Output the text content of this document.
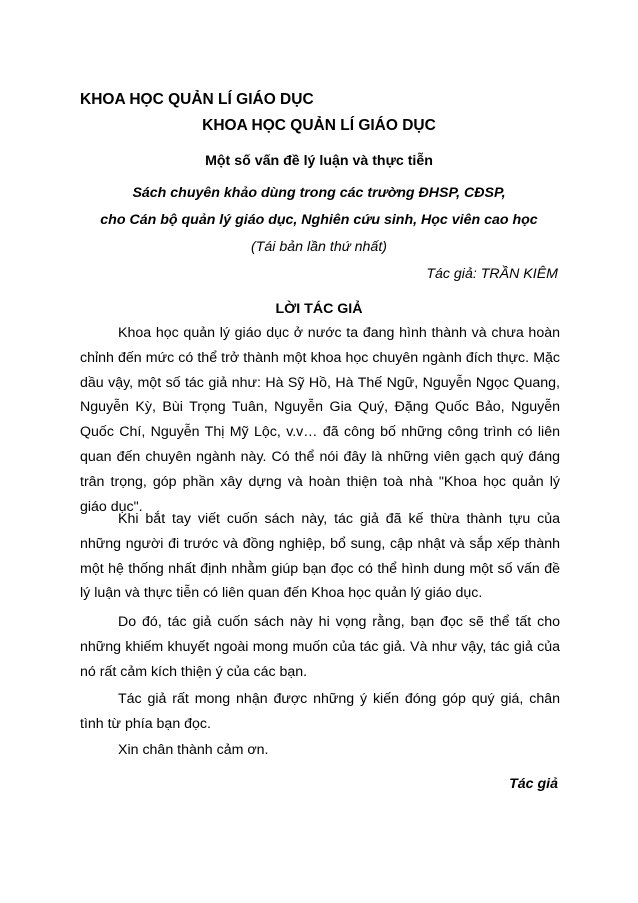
KHOA HỌC QUẢN LÍ GIÁO DỤC
KHOA HỌC QUẢN LÍ GIÁO DỤC
Một số vấn đề lý luận và thực tiễn
Sách chuyên khảo dùng trong các trường ĐHSP, CĐSP,
cho Cán bộ quản lý giáo dục, Nghiên cứu sinh, Học viên cao học
(Tái bản lần thứ nhất)
Tác giả: TRẦN KIÊM
LỜI TÁC GIẢ

Khoa học quản lý giáo dục ở nước ta đang hình thành và chưa hoàn chỉnh đến mức có thể trở thành một khoa học chuyên ngành đích thực. Mặc dầu vậy, một số tác giả như: Hà Sỹ Hồ, Hà Thế Ngữ, Nguyễn Ngọc Quang, Nguyễn Kỳ, Bùi Trọng Tuân, Nguyễn Gia Quý, Đặng Quốc Bảo, Nguyễn Quốc Chí, Nguyễn Thị Mỹ Lộc, v.v… đã công bố những công trình có liên quan đến chuyên ngành này. Có thể nói đây là những viên gạch quý đáng trân trọng, góp phần xây dựng và hoàn thiện toà nhà "Khoa học quản lý giáo dục".

Khi bắt tay viết cuốn sách này, tác giả đã kế thừa thành tựu của những người đi trước và đồng nghiệp, bổ sung, cập nhật và sắp xếp thành một hệ thống nhất định nhằm giúp bạn đọc có thể hình dung một số vấn đề lý luận và thực tiễn có liên quan đến Khoa học quản lý giáo dục.

Do đó, tác giả cuốn sách này hi vọng rằng, bạn đọc sẽ thể tất cho những khiếm khuyết ngoài mong muốn của tác giả. Và như vậy, tác giả của nó rất cảm kích thiện ý của các bạn.

Tác giả rất mong nhận được những ý kiến đóng góp quý giá, chân tình từ phía bạn đọc.

Xin chân thành cảm ơn.

Tác giả
